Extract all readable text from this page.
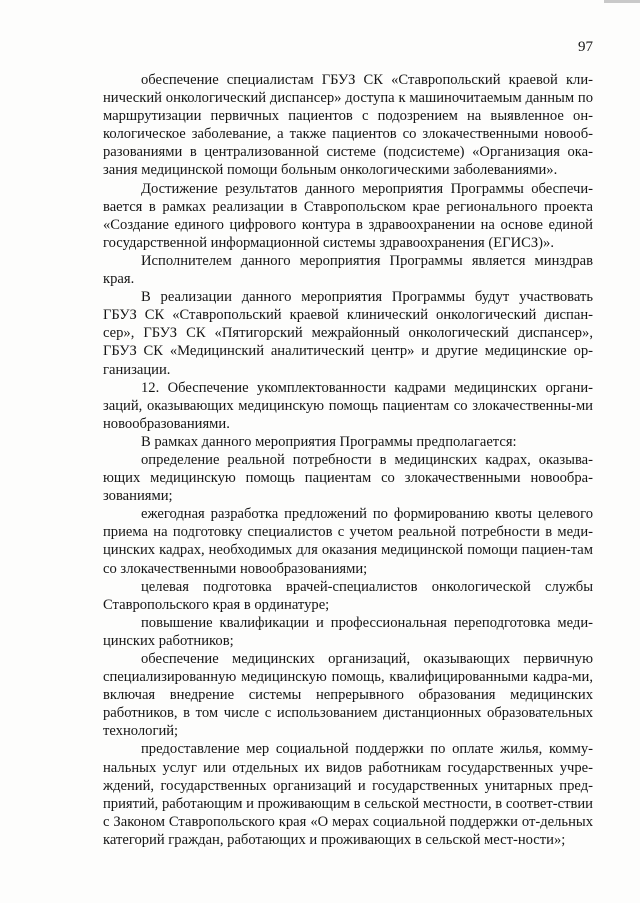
97

обеспечение специалистам ГБУЗ СК «Ставропольский краевой кли-нический онкологический диспансер» доступа к машиночитаемым данным по маршрутизации первичных пациентов с подозрением на выявленное он-кологическое заболевание, а также пациентов со злокачественными новооб-разованиями в централизованной системе (подсистеме) «Организация ока-зания медицинской помощи больным онкологическими заболеваниями».

Достижение результатов данного мероприятия Программы обеспечи-вается в рамках реализации в Ставропольском крае регионального проекта «Создание единого цифрового контура в здравоохранении на основе единой государственной информационной системы здравоохранения (ЕГИСЗ)».

Исполнителем данного мероприятия Программы является минздрав края.

В реализации данного мероприятия Программы будут участвовать ГБУЗ СК «Ставропольский краевой клинический онкологический диспан-сер», ГБУЗ СК «Пятигорский межрайонный онкологический диспансер», ГБУЗ СК «Медицинский аналитический центр» и другие медицинские ор-ганизации.

12. Обеспечение укомплектованности кадрами медицинских органи-заций, оказывающих медицинскую помощь пациентам со злокачественны-ми новообразованиями.

В рамках данного мероприятия Программы предполагается:

определение реальной потребности в медицинских кадрах, оказыва-ющих медицинскую помощь пациентам со злокачественными новообра-зованиями;

ежегодная разработка предложений по формированию квоты целевого приема на подготовку специалистов с учетом реальной потребности в меди-цинских кадрах, необходимых для оказания медицинской помощи пациен-там со злокачественными новообразованиями;

целевая подготовка врачей-специалистов онкологической службы Ставропольского края в ординатуре;

повышение квалификации и профессиональная переподготовка меди-цинских работников;

обеспечение медицинских организаций, оказывающих первичную специализированную медицинскую помощь, квалифицированными кадра-ми, включая внедрение системы непрерывного образования медицинских работников, в том числе с использованием дистанционных образовательных технологий;

предоставление мер социальной поддержки по оплате жилья, комму-нальных услуг или отдельных их видов работникам государственных учре-ждений, государственных организаций и государственных унитарных пред-приятий, работающим и проживающим в сельской местности, в соответ-ствии с Законом Ставропольского края «О мерах социальной поддержки от-дельных категорий граждан, работающих и проживающих в сельской мест-ности»;
